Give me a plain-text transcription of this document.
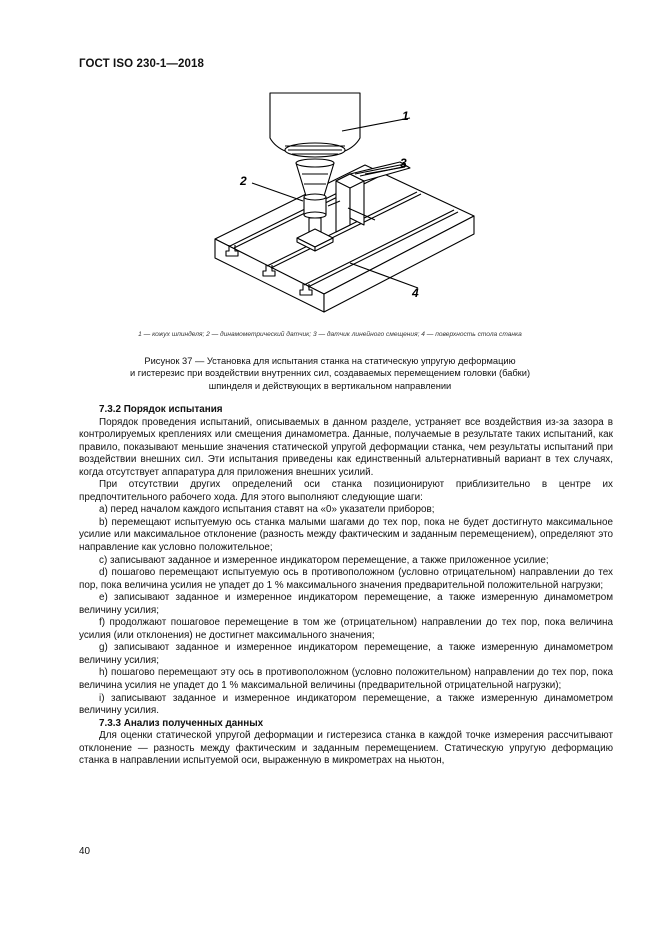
ГОСТ ISO 230-1—2018
1
2
3
4
1 — кожух шпинделя; 2 — динамометрический датчик; 3 — датчик линейного смещения; 4 — поверхность стола станка
Рисунок 37 — Установка для испытания станка на статическую упругую деформацию
и гистерезис при воздействии внутренних сил, создаваемых перемещением головки (бабки)
шпинделя и действующих в вертикальном направлении
7.3.2 Порядок испытания

Порядок проведения испытаний, описываемых в данном разделе, устраняет все воздействия из-за зазора в контролируемых креплениях или смещения динамометра. Данные, получаемые в результате таких испытаний, как правило, показывают меньшие значения статической упругой деформации станка, чем результаты испытаний при воздействии внешних сил. Эти испытания приведены как единственный альтернативный вариант в тех случаях, когда отсутствует аппаратура для приложения внешних усилий.

При отсутствии других определений оси станка позиционируют приблизительно в центре их предпочтительного рабочего хода. Для этого выполняют следующие шаги:

a) перед началом каждого испытания ставят на «0» указатели приборов;

b) перемещают испытуемую ось станка малыми шагами до тех пор, пока не будет достигнуто максимальное усилие или максимальное отклонение (разность между фактическим и заданным перемещением), определяют это направление как условно положительное;

c) записывают заданное и измеренное индикатором перемещение, а также приложенное усилие;

d) пошагово перемещают испытуемую ось в противоположном (условно отрицательном) направлении до тех пор, пока величина усилия не упадет до 1 % максимального значения предварительной положительной нагрузки;

e) записывают заданное и измеренное индикатором перемещение, а также измеренную динамометром величину усилия;

f) продолжают пошаговое перемещение в том же (отрицательном) направлении до тех пор, пока величина усилия (или отклонения) не достигнет максимального значения;

g) записывают заданное и измеренное индикатором перемещение, а также измеренную динамометром величину усилия;

h) пошагово перемещают эту ось в противоположном (условно положительном) направлении до тех пор, пока величина усилия не упадет до 1 % максимальной величины (предварительной отрицательной нагрузки);

i) записывают заданное и измеренное индикатором перемещение, а также измеренную динамометром величину усилия.

7.3.3 Анализ полученных данных

Для оценки статической упругой деформации и гистерезиса станка в каждой точке измерения рассчитывают отклонение — разность между фактическим и заданным перемещением. Статическую упругую деформацию станка в направлении испытуемой оси, выраженную в микрометрах на ньютон,

40
